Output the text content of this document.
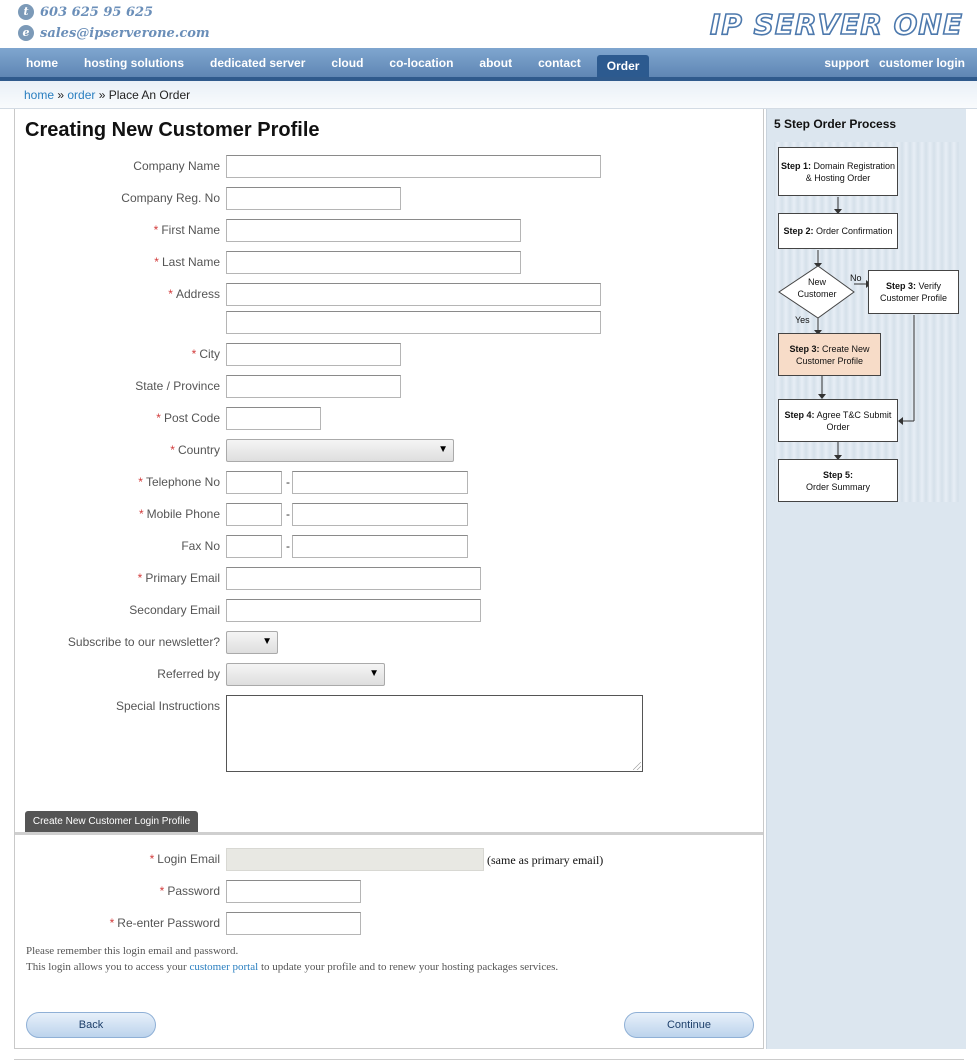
t 603 625 95 625
e sales@ipserverone.com	IP SERVER ONE
home	hosting solutions	dedicated server	cloud	co-location	about	contact	Order	support customer login
home » order » Place An Order
Creating New Customer Profile
Company Name
Company Reg. No
* First Name
* Last Name
* Address
* City
State / Province
* Post Code
* Country	▼
* Telephone No	-
* Mobile Phone	-
Fax No	-
* Primary Email
Secondary Email
Subscribe to our newsletter?	▼
Referred by	▼
Special Instructions
Create New Customer Login Profile
* Login Email	(same as primary email)
* Password
* Re-enter Password
Please remember this login email and password.
This login allows you to access your customer portal to update your profile and to renew your hosting packages services.
Back	Continue
5 Step Order Process
Step 1: Domain Registration & Hosting Order
Step 2: Order Confirmation
New Customer
No
Yes
Step 3: Verify Customer Profile
Step 3: Create New Customer Profile
Step 4: Agree T&C Submit Order
Step 5:
Order Summary
